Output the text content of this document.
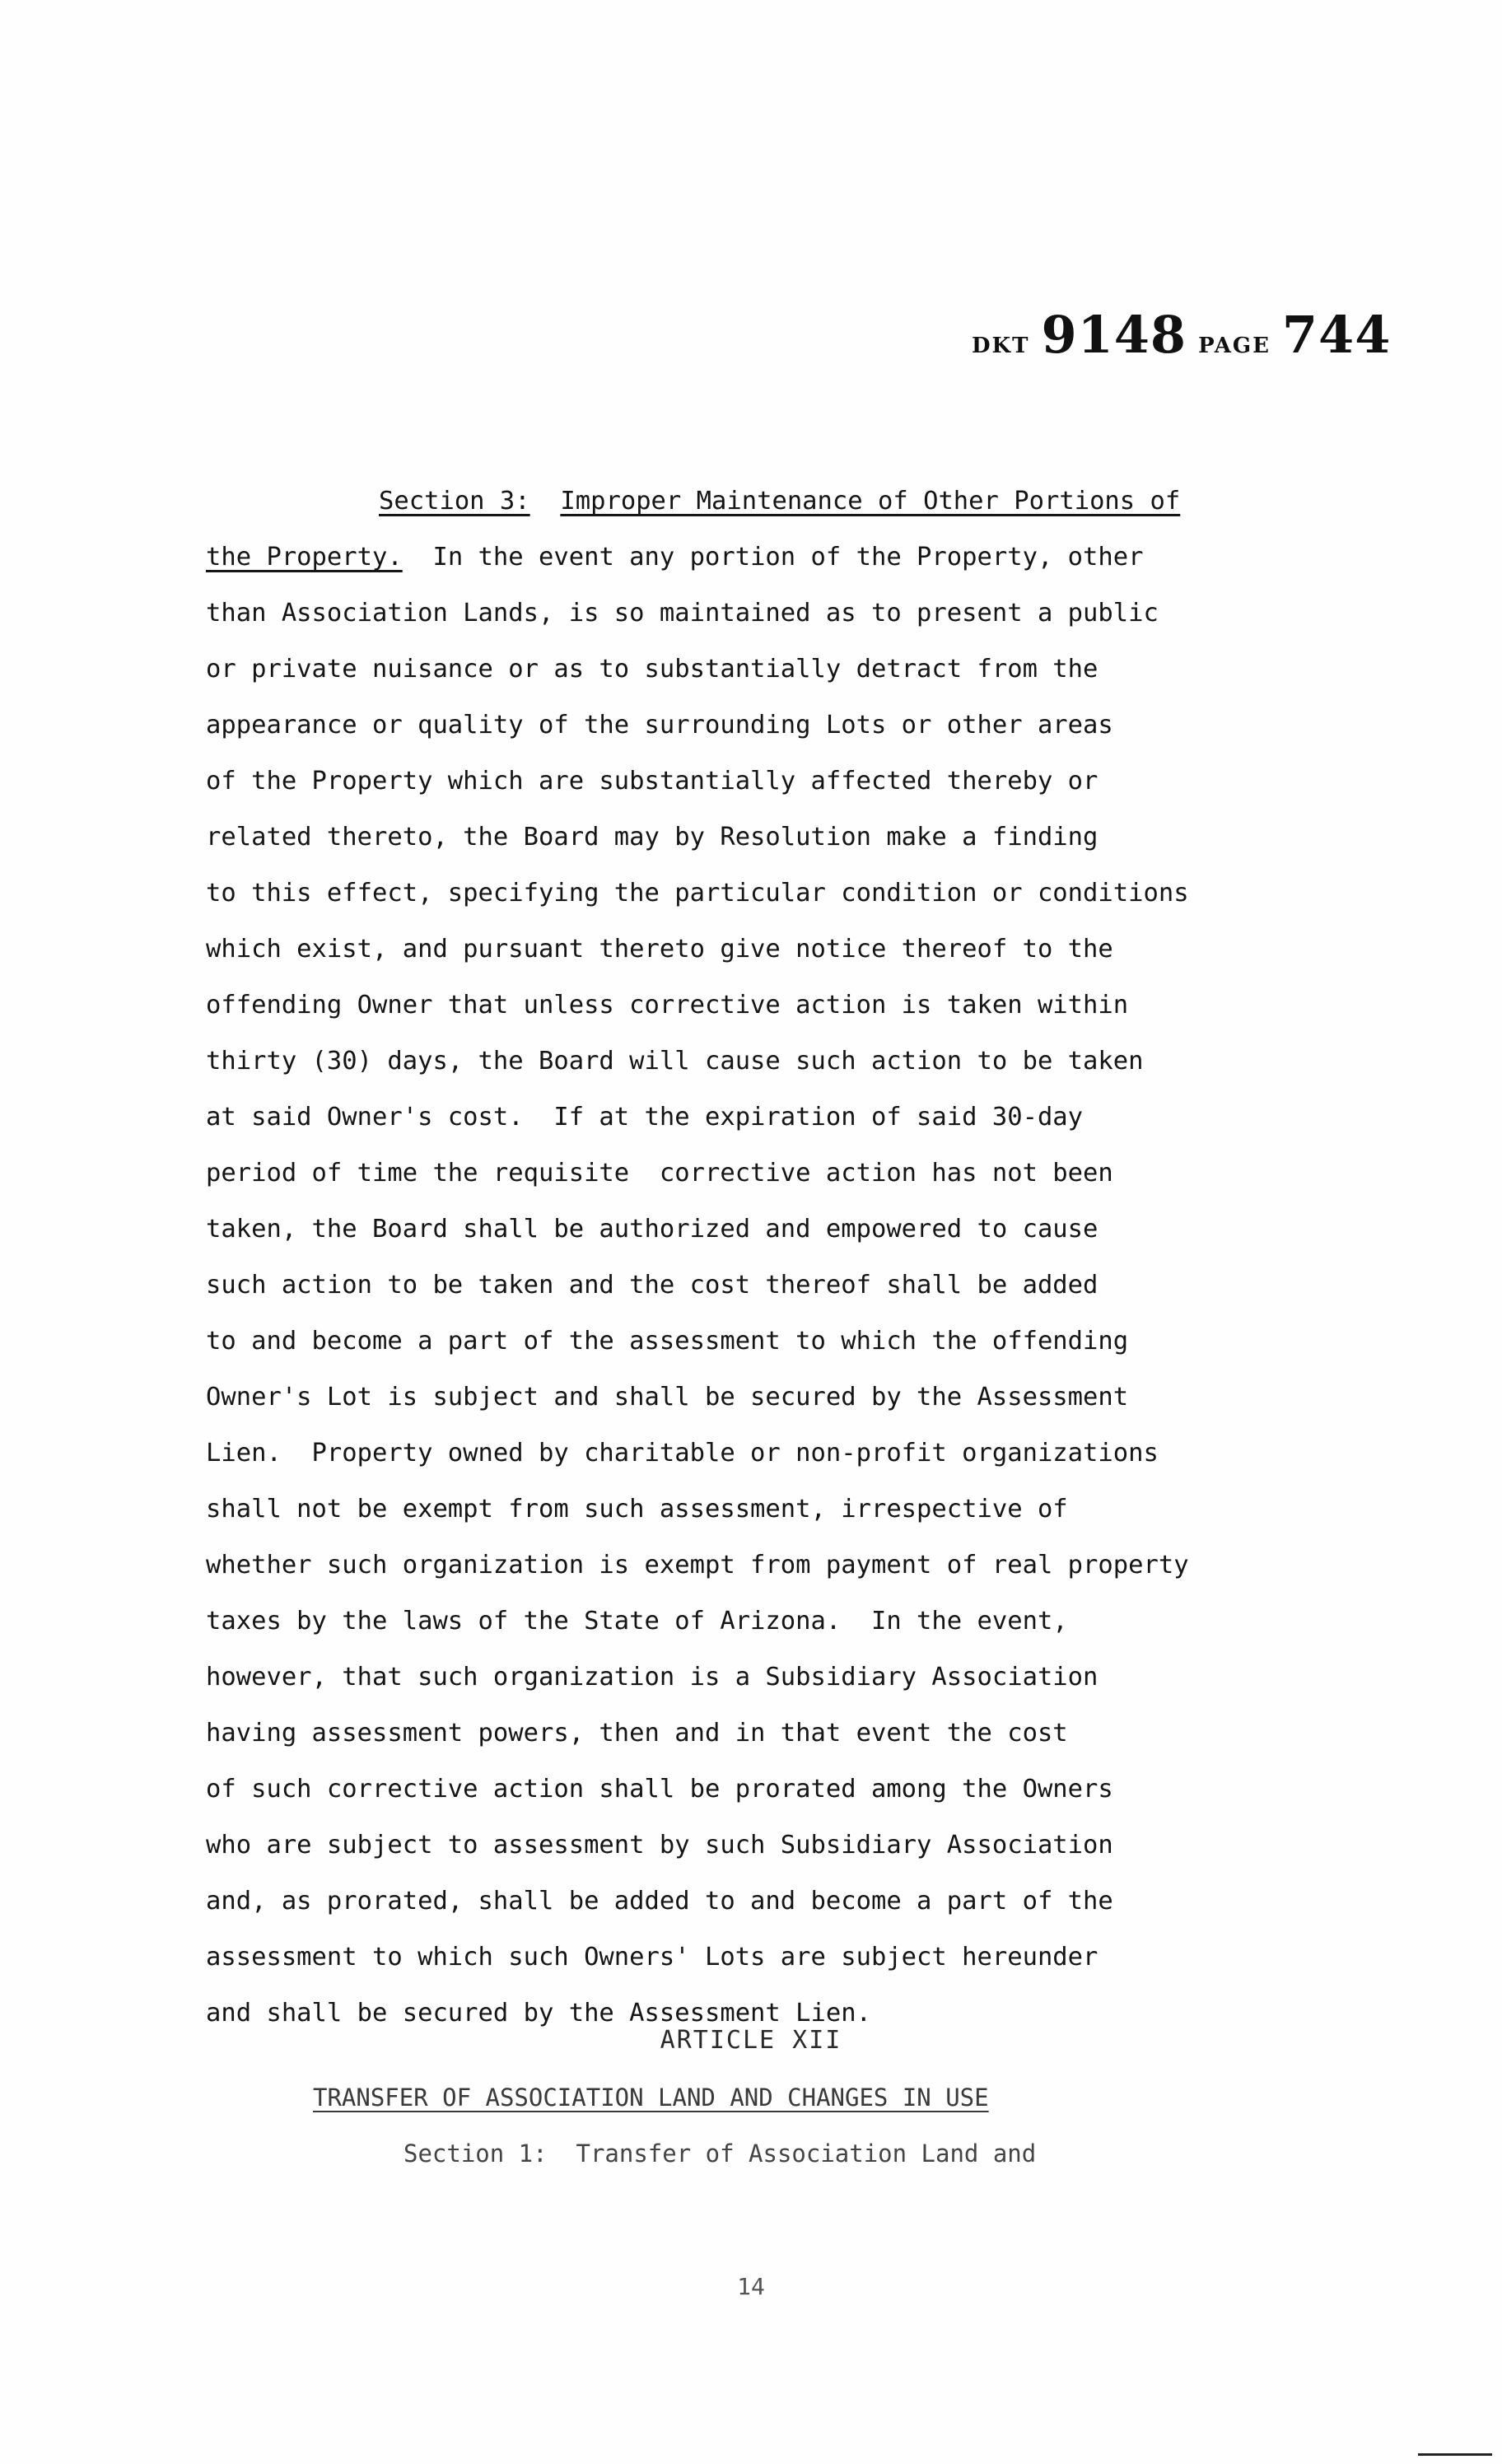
DKT 9148 PAGE 744
Section 3: Improper Maintenance of Other Portions of
the Property. In the event any portion of the Property, other
than Association Lands, is so maintained as to present a public
or private nuisance or as to substantially detract from the
appearance or quality of the surrounding Lots or other areas
of the Property which are substantially affected thereby or
related thereto, the Board may by Resolution make a finding
to this effect, specifying the particular condition or conditions
which exist, and pursuant thereto give notice thereof to the
offending Owner that unless corrective action is taken within
thirty (30) days, the Board will cause such action to be taken
at said Owner's cost.  If at the expiration of said 30-day
period of time the requisite  corrective action has not been
taken, the Board shall be authorized and empowered to cause
such action to be taken and the cost thereof shall be added
to and become a part of the assessment to which the offending
Owner's Lot is subject and shall be secured by the Assessment
Lien.  Property owned by charitable or non-profit organizations
shall not be exempt from such assessment, irrespective of
whether such organization is exempt from payment of real property
taxes by the laws of the State of Arizona.  In the event,
however, that such organization is a Subsidiary Association
having assessment powers, then and in that event the cost
of such corrective action shall be prorated among the Owners
who are subject to assessment by such Subsidiary Association
and, as prorated, shall be added to and become a part of the
assessment to which such Owners' Lots are subject hereunder
and shall be secured by the Assessment Lien.
ARTICLE XII
TRANSFER OF ASSOCIATION LAND AND CHANGES IN USE
Section 1:  Transfer of Association Land and
14
